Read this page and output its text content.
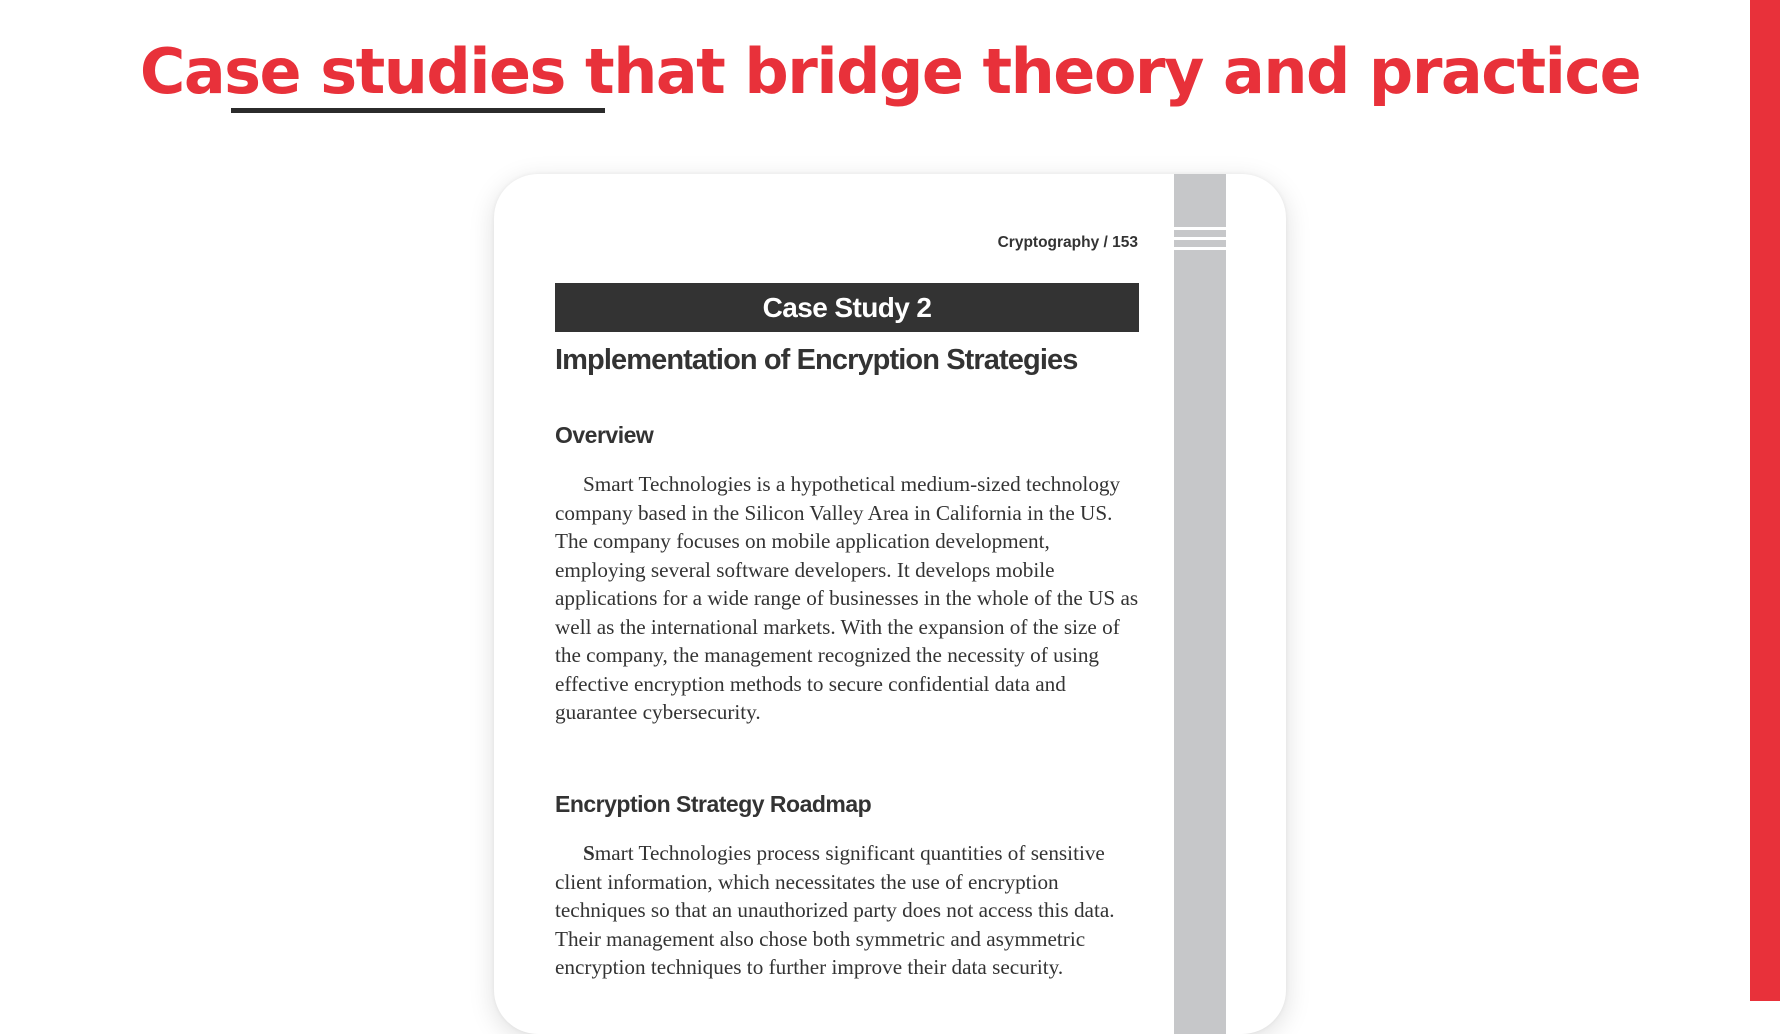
Case studies that bridge theory and practice
Cryptography / 153
Case Study 2
Implementation of Encryption Strategies
Overview

Smart Technologies is a hypothetical medium-sized technology company based in the Silicon Valley Area in California in the US. The company focuses on mobile application development, employing several software developers. It develops mobile applications for a wide range of businesses in the whole of the US as well as the international markets. With the expansion of the size of the company, the management recognized the necessity of using effective encryption methods to secure confidential data and guarantee cybersecurity.

Encryption Strategy Roadmap

Smart Technologies process significant quantities of sensitive client information, which necessitates the use of encryption techniques so that an unauthorized party does not access this data. Their management also chose both symmetric and asymmetric encryption techniques to further improve their data security.
